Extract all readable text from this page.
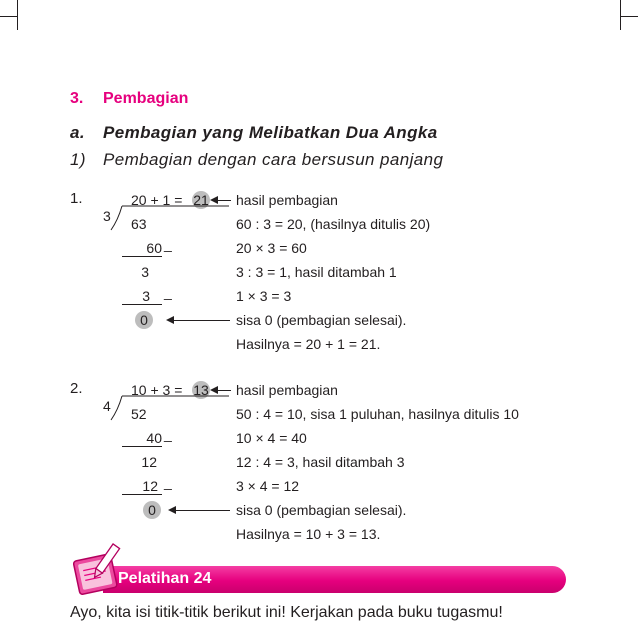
3. Pembagian
a. Pembagian yang Melibatkan Dua Angka
1) Pembagian dengan cara bersusun panjang
1.	20 + 1 = 21 hasil pembagian
3 63	60 : 3 = 20, (hasilnya ditulis 20)
60 _	20 × 3 = 60
3	3 : 3 = 1, hasil ditambah 1
3	_	1 × 3 = 3
0	sisa 0 (pembagian selesai).
Hasilnya = 20 + 1 = 21.
2.	10 + 3 = 13 hasil pembagian
4 52	50 : 4 = 10, sisa 1 puluhan, hasilnya ditulis 10
40 _	10 × 4 = 40
12	12 : 4 = 3, hasil ditambah 3
12 _	3 × 4 = 12
0	sisa 0 (pembagian selesai).
Hasilnya = 10 + 3 = 13.
Pelatihan 24
Ayo, kita isi titik-titik berikut ini! Kerjakan pada buku tugasmu!
